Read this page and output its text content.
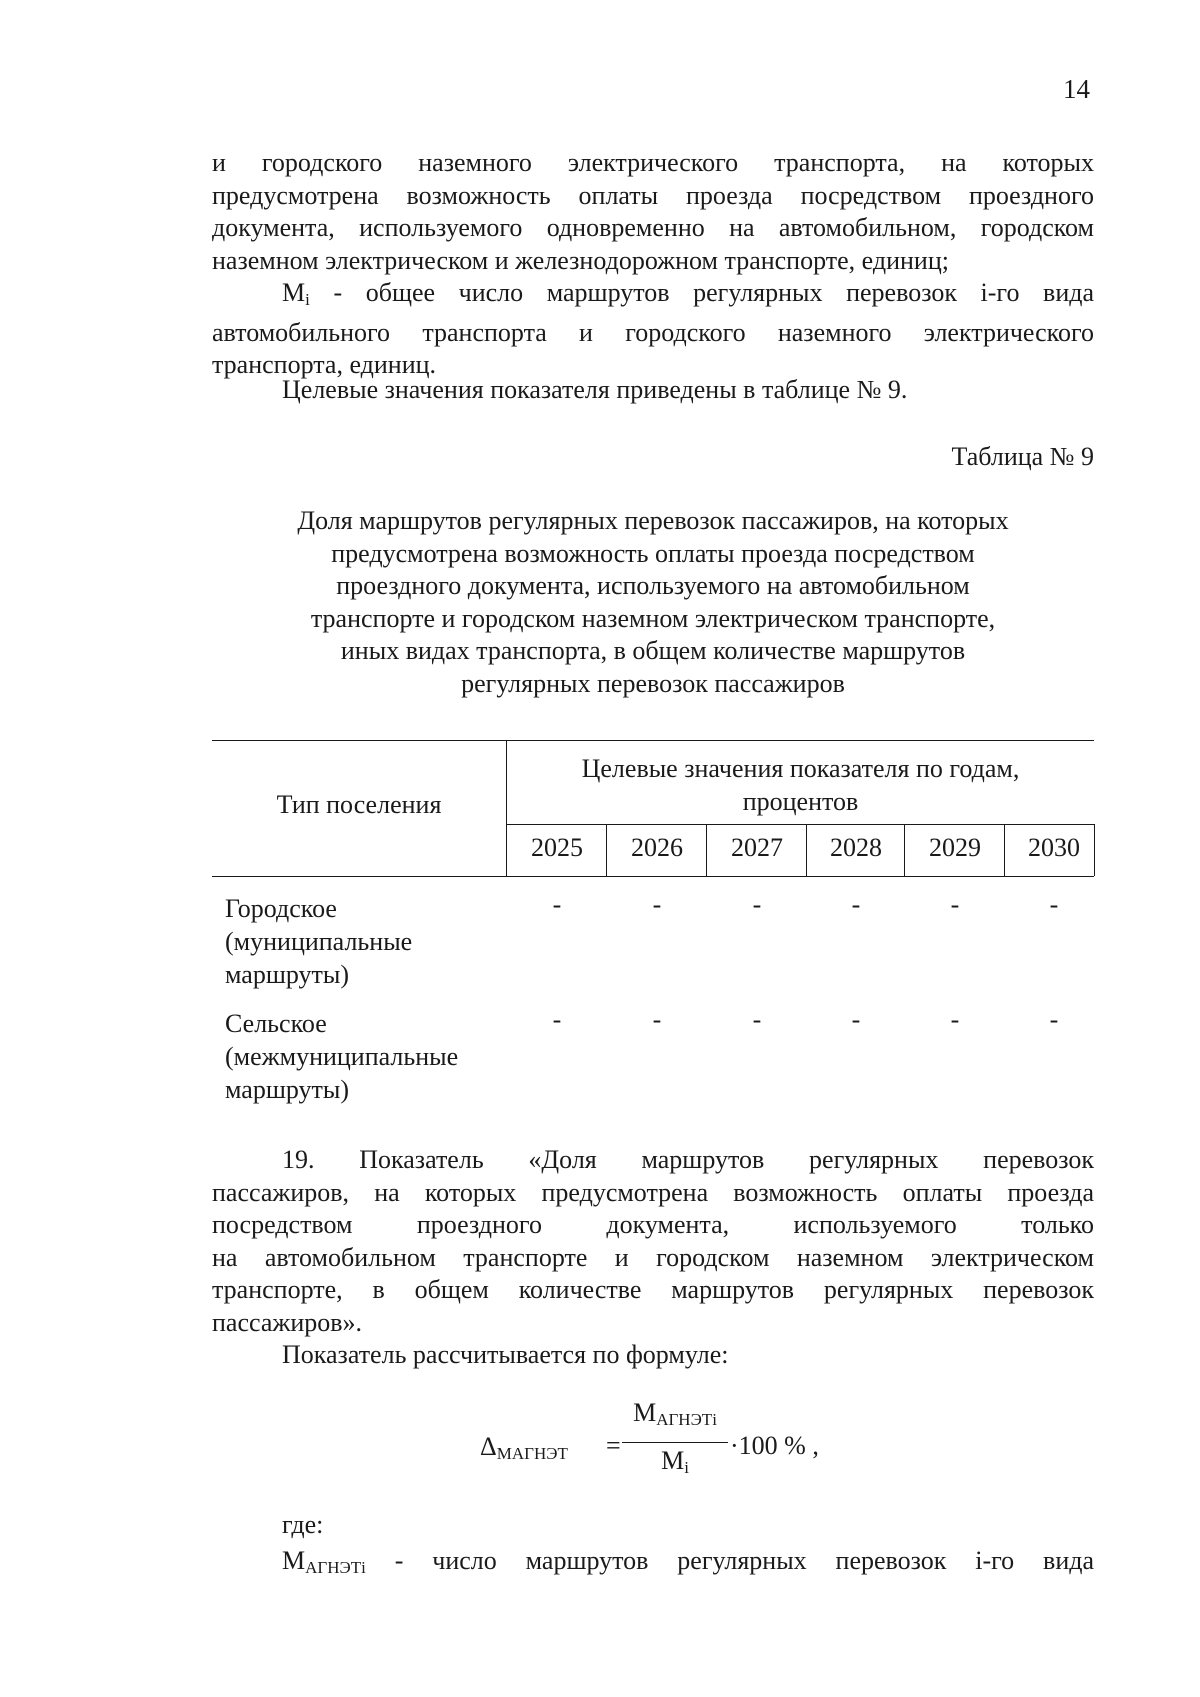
14

и городского наземного электрического транспорта, на которых

предусмотрена возможность оплаты проезда посредством проездного

документа, используемого одновременно на автомобильном, городском

наземном электрическом и железнодорожном транспорте, единиц;

$M_i$ - общее число маршрутов регулярных перевозок i-го вида

автомобильного транспорта и городского наземного электрического

транспорта, единиц.

Целевые значения показателя приведены в таблице № 9.
Таблица № 9
Доля маршрутов регулярных перевозок пассажиров, на которых
предусмотрена возможность оплаты проезда посредством
проездного документа, используемого на автомобильном
транспорте и городском наземном электрическом транспорте,
иных видах транспорта, в общем количестве маршрутов
регулярных перевозок пассажиров
Тип поселения
Целевые значения показателя по годам,
процентов
2025	2026	2027	2028	2029	2030
Городское
(муниципальные
маршруты)
-	-	-	-	-	-
Сельское
(межмуниципальные
маршруты)
-	-	-	-	-	-

19. Показатель «Доля маршрутов регулярных перевозок

пассажиров, на которых предусмотрена возможность оплаты проезда

посредством проездного документа, используемого только

на автомобильном транспорте и городском наземном электрическом

транспорте, в общем количестве маршрутов регулярных перевозок

пассажиров».

Показатель рассчитывается по формуле:
$\Delta_{МАГНЭТ}$ =
$M_{АГНЭТi}$
$M_i$
·100 % ,
где:
$M_{АГНЭТi}$ - число маршрутов регулярных перевозок i-го вида
